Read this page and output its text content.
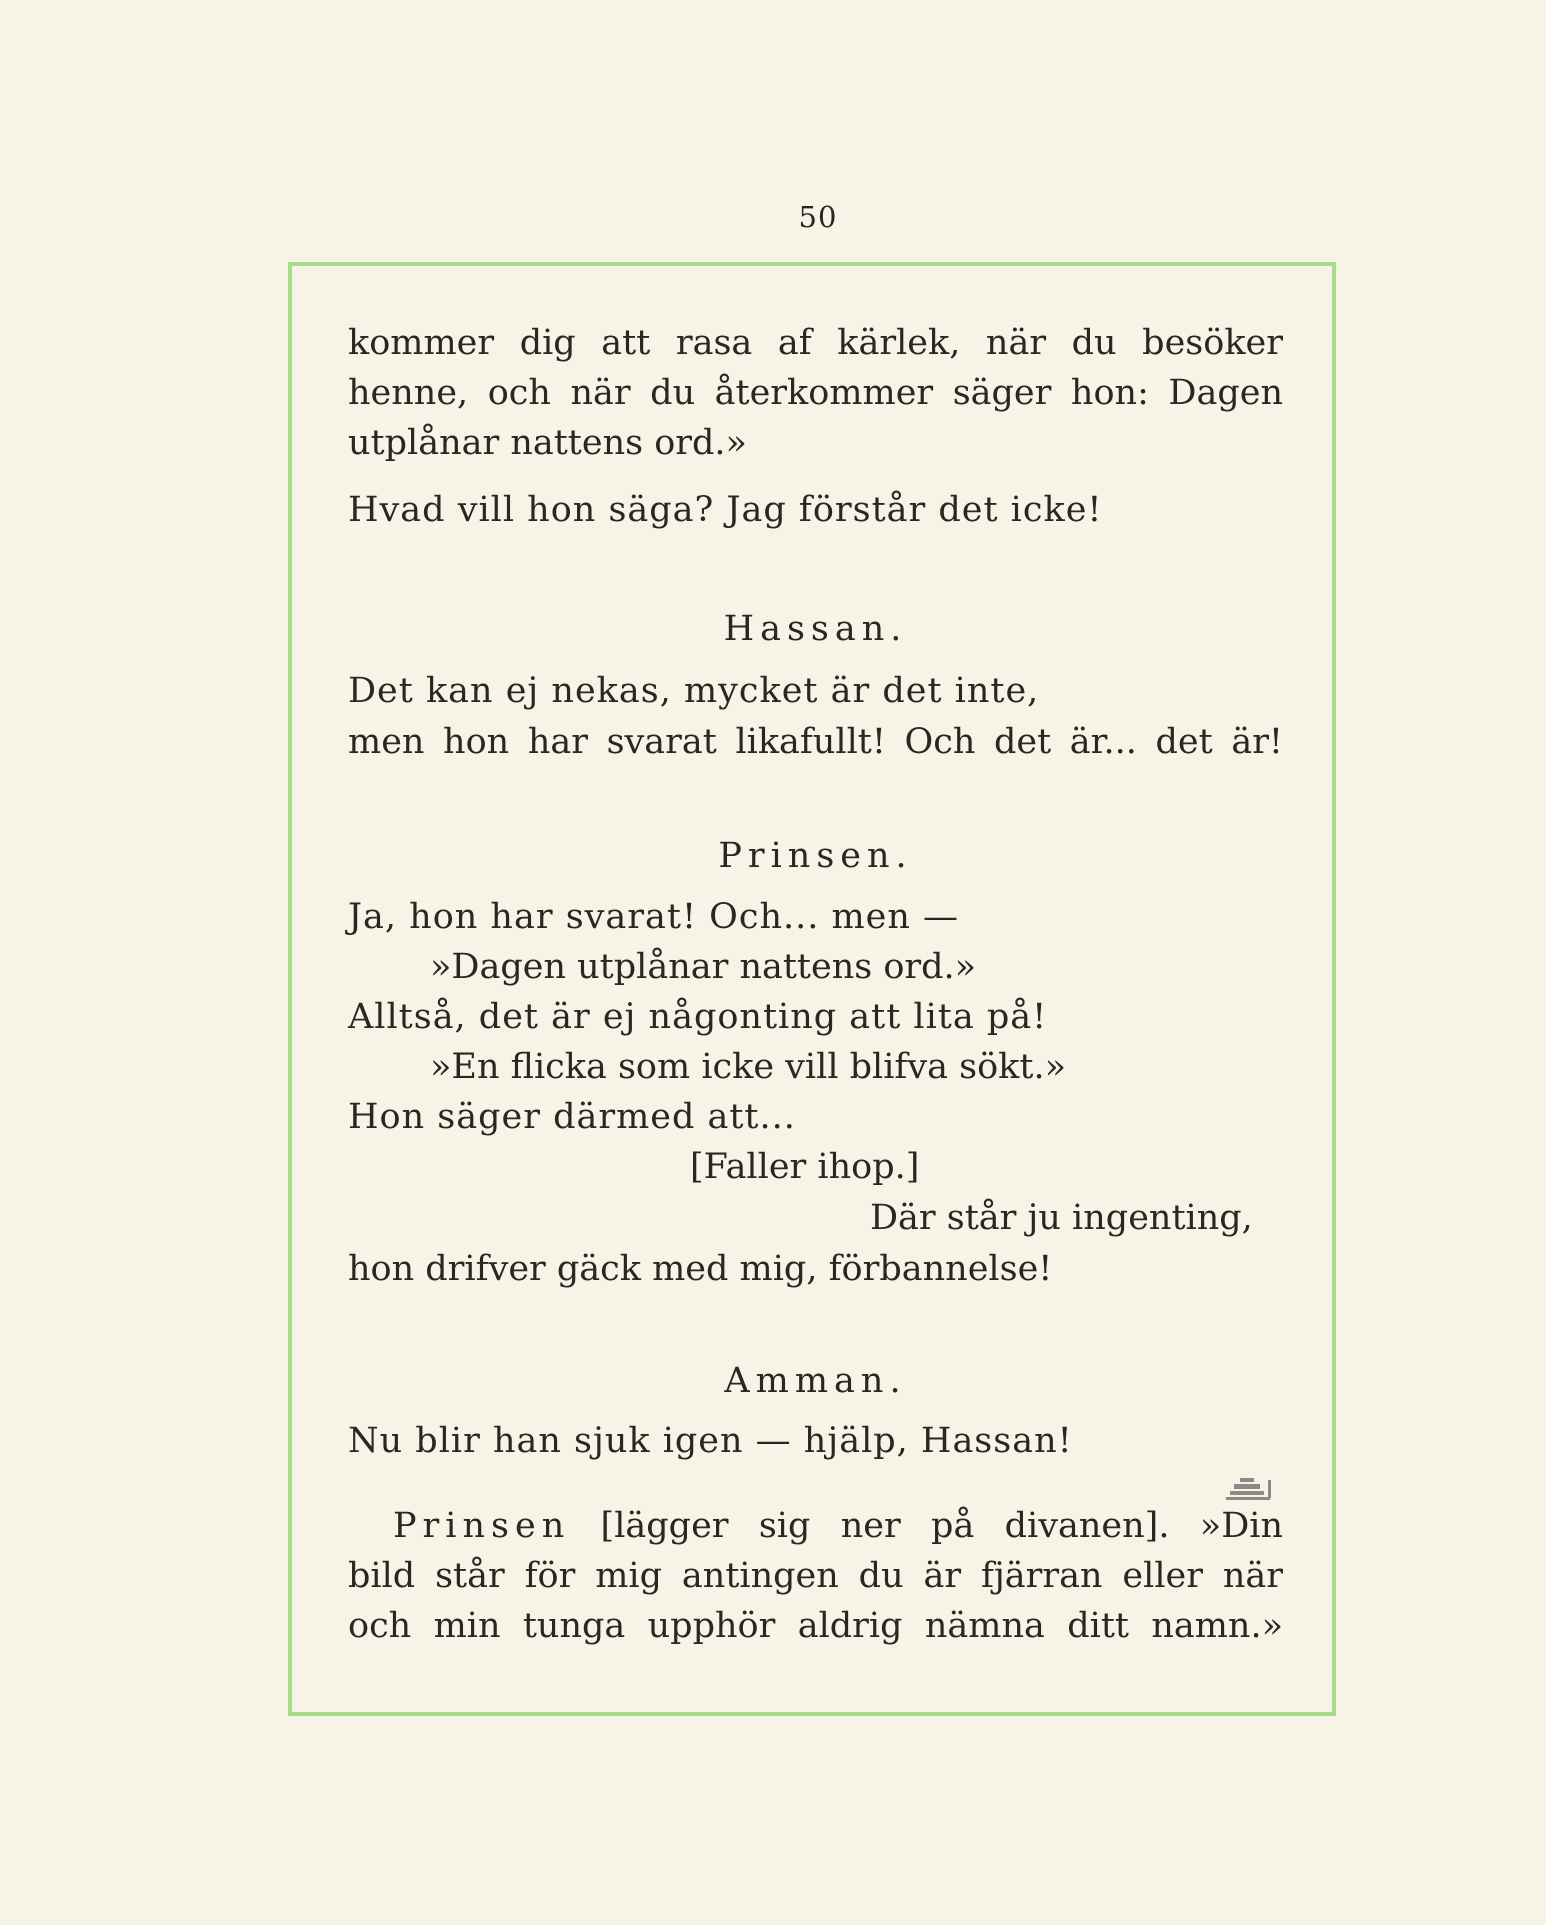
50
kommer dig att rasa af kärlek, när du besöker
henne, och när du återkommer säger hon: Dagen
utplånar nattens ord.»
Hvad vill hon säga? Jag förstår det icke!
Hassan.
Det kan ej nekas, mycket är det inte,
men hon har svarat likafullt! Och det är... det är!
Prinsen.
Ja, hon har svarat! Och... men —
»Dagen utplånar nattens ord.»
Alltså, det är ej någonting att lita på!
»En flicka som icke vill blifva sökt.»
Hon säger därmed att...
[Faller ihop.]
Där står ju ingenting,
hon drifver gäck med mig, förbannelse!
Amman.
Nu blir han sjuk igen — hjälp, Hassan!
Prinsen [lägger sig ner på divanen]. »Din
bild står för mig antingen du är fjärran eller när
och min tunga upphör aldrig nämna ditt namn.»
